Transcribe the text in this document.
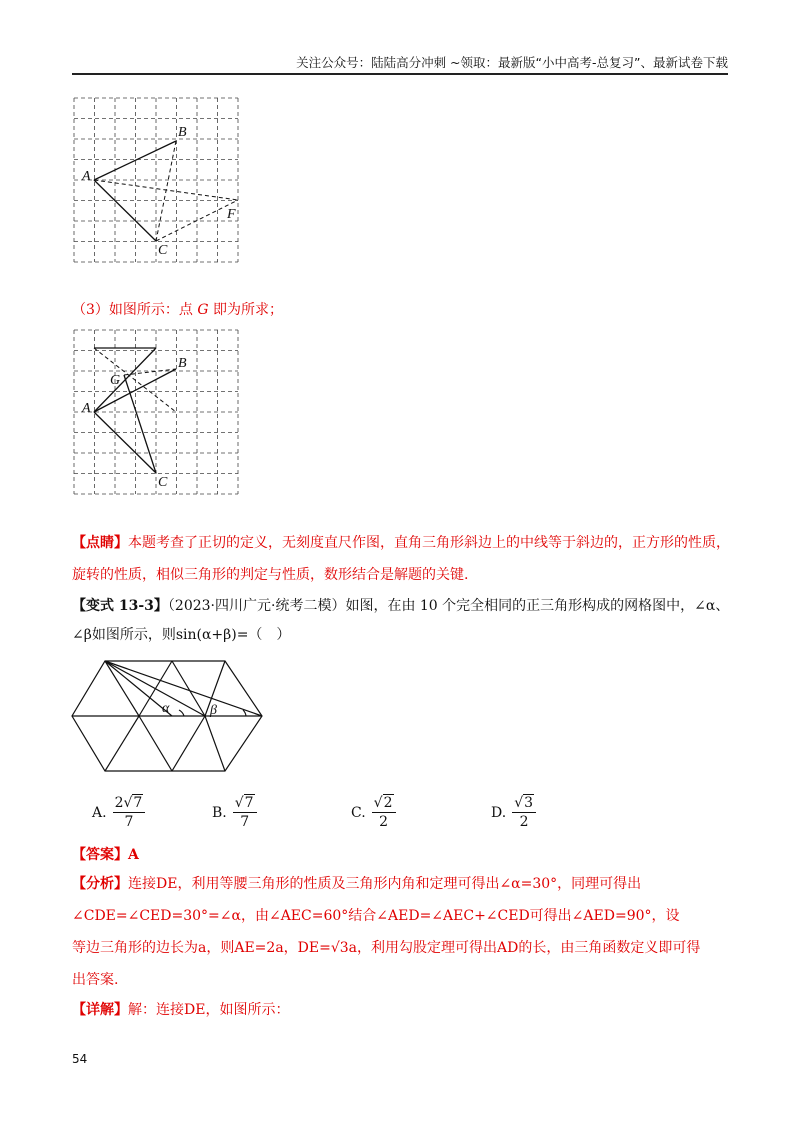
关注公众号：陆陆高分冲刺 ~领取：最新版“小中高考-总复习”、最新试卷下载
B
A
F
C
（3）如图所示：点 G 即为所求；
B
G
A
C
【点睛】本题考查了正切的定义，无刻度直尺作图，直角三角形斜边上的中线等于斜边的，正方形的性质，
旋转的性质，相似三角形的判定与性质，数形结合是解题的关键.
【变式 13-3】（2023·四川广元·统考二模）如图，在由 10 个完全相同的正三角形构成的网格图中，∠α、
∠β如图所示，则sin(α+β)=（　）
α	β
A. $\frac{2√7}{7}$	B. $\frac{√7}{7}$	C. $\frac{√2}{2}$	D. $\frac{√3}{2}$
【答案】A
【分析】连接DE，利用等腰三角形的性质及三角形内角和定理可得出∠α=30°，同理可得出
∠CDE=∠CED=30°=∠α，由∠AEC=60°结合∠AED=∠AEC+∠CED可得出∠AED=90°，设
等边三角形的边长为a，则AE=2a，DE=√3a，利用勾股定理可得出AD的长，由三角函数定义即可得
出答案.
【详解】解：连接DE，如图所示：
54
